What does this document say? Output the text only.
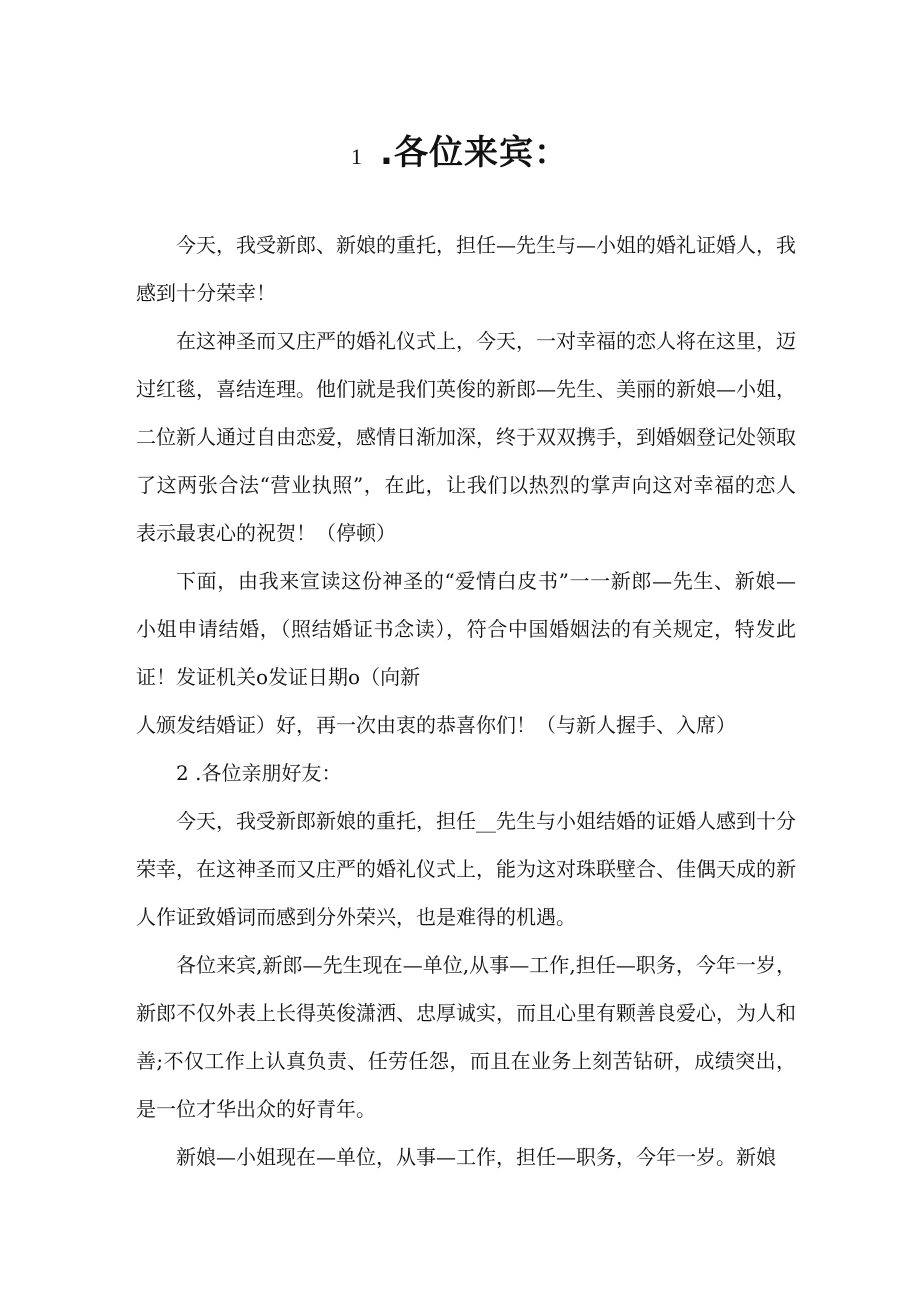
1 .各位来宾：

今天，我受新郎、新娘的重托，担任—先生与—小姐的婚礼证婚人，我感到十分荣幸！

在这神圣而又庄严的婚礼仪式上，今天，一对幸福的恋人将在这里，迈过红毯，喜结连理。他们就是我们英俊的新郎—先生、美丽的新娘—小姐，二位新人通过自由恋爱，感情日渐加深，终于双双携手，到婚姻登记处领取了这两张合法“营业执照”，在此，让我们以热烈的掌声向这对幸福的恋人表示最衷心的祝贺！（停顿）

下面，由我来宣读这份神圣的“爱情白皮书”一一新郎—先生、新娘—小姐申请结婚，（照结婚证书念读），符合中国婚姻法的有关规定，特发此证！发证机关o发证日期o（向新

人颁发结婚证）好，再一次由衷的恭喜你们！（与新人握手、入席）

2 .各位亲朋好友：

今天，我受新郎新娘的重托，担任__先生与小姐结婚的证婚人感到十分荣幸，在这神圣而又庄严的婚礼仪式上，能为这对珠联壁合、佳偶天成的新人作证致婚词而感到分外荣兴，也是难得的机遇。

各位来宾,新郎—先生现在—单位,从事—工作,担任—职务，今年一岁，新郎不仅外表上长得英俊潇洒、忠厚诚实，而且心里有颗善良爱心，为人和善;不仅工作上认真负责、任劳任怨，而且在业务上刻苦钻研，成绩突出，是一位才华出众的好青年。

新娘—小姐现在—单位，从事—工作，担任—职务，今年一岁。新娘
